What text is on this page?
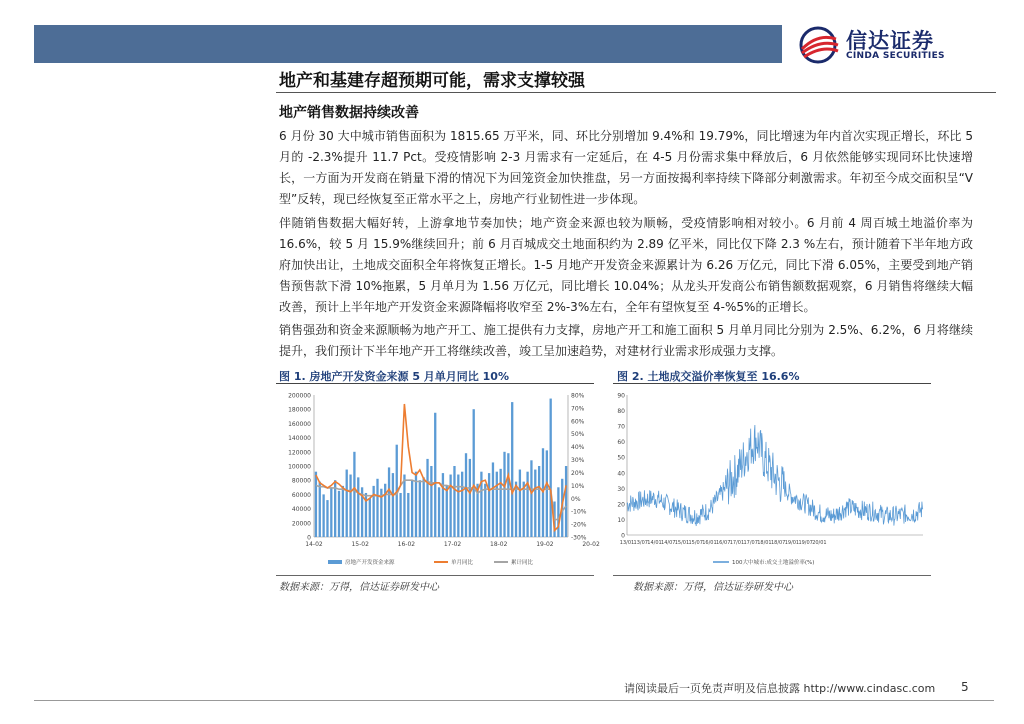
信达证券
CINDA SECURITIES
地产和基建存超预期可能，需求支撑较强
地产销售数据持续改善

6 月份 30 大中城市销售面积为 1815.65 万平米，同、环比分别增加 9.4%和 19.79%，同比增速为年内首次实现正增长，环比 5 月的 -2.3%提升 11.7 Pct。受疫情影响 2-3 月需求有一定延后，在 4-5 月份需求集中释放后，6 月依然能够实现同环比快速增长，一方面为开发商在销量下滑的情况下为回笼资金加快推盘，另一方面按揭利率持续下降部分刺激需求。年初至今成交面积呈“V 型”反转，现已经恢复至正常水平之上，房地产行业韧性进一步体现。

伴随销售数据大幅好转，上游拿地节奏加快；地产资金来源也较为顺畅，受疫情影响相对较小。6 月前 4 周百城土地溢价率为 16.6%，较 5 月 15.9%继续回升；前 6 月百城成交土地面积约为 2.89 亿平米，同比仅下降 2.3 %左右，预计随着下半年地方政府加快出让，土地成交面积全年将恢复正增长。1-5 月地产开发资金来源累计为 6.26 万亿元，同比下滑 6.05%，主要受到地产销售预售款下滑 10%拖累，5 月单月为 1.56 万亿元，同比增长 10.04%；从龙头开发商公布销售额数据观察，6 月销售将继续大幅改善，预计上半年地产开发资金来源降幅将收窄至 2%-3%左右，全年有望恢复至 4-%5%的正增长。

销售强劲和资金来源顺畅为地产开工、施工提供有力支撑，房地产开工和施工面积 5 月单月同比分别为 2.5%、6.2%，6 月将继续提升，我们预计下半年地产开工将继续改善，竣工呈加速趋势，对建材行业需求形成强力支撑。

图 1. 房地产开发资金来源 5 月单月同比 10%	图 2. 土地成交溢价率恢复至 16.6%
200000
180000
160000
140000
120000
100000
80000
60000
40000
20000
0
80%
70%
60%
50%
40%
30%
20%
10%
0%
-10%
-20%
-30%
14-02	15-02	16-02	17-02	18-02	19-02	20-02
房地产开发资金来源	单月同比	累计同比
90
80
70
60
50
40
30
20
10
0
13/01 13/07 14/01 14/07 15/01 15/07 16/01 16/07 17/01 17/07 18/01 18/07 19/01 19/07 20/01
100大中城市:成交土地溢价率(%)
数据来源：万得，信达证券研发中心	数据来源：万得，信达证券研发中心
请阅读最后一页免责声明及信息披露 http://www.cindasc.com 5
